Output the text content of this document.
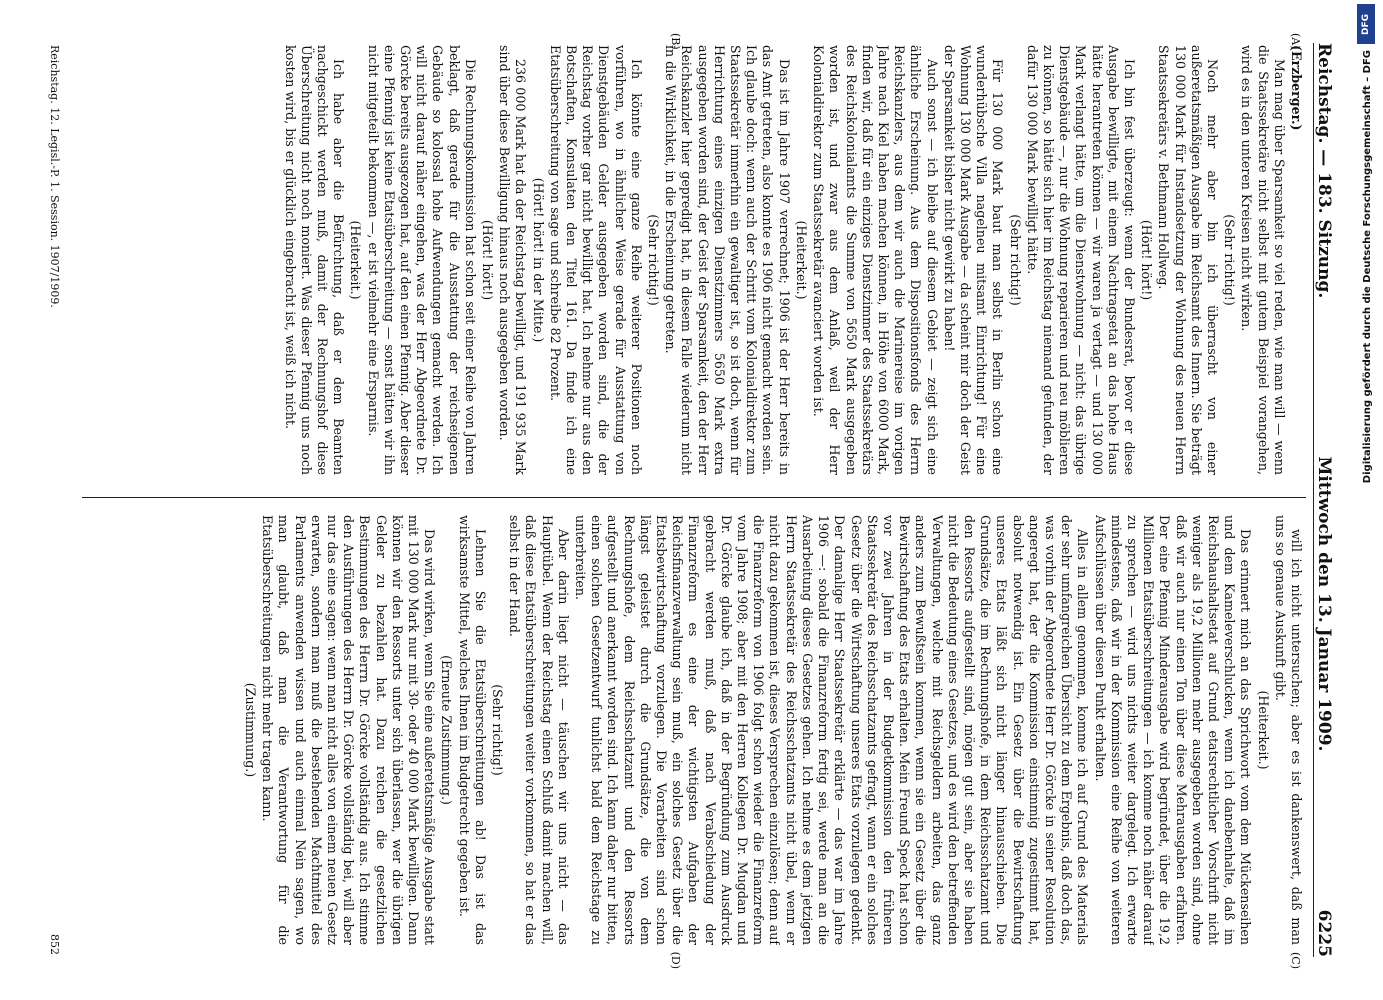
Reichstag. — 183. Sitzung.
Mittwoch den 13. Januar 1909.
6225
(A)
(B)
(C)
(D)

(Erzberger.)

Man mag über Sparsamkeit so viel reden, wie man will — wenn die Staatssekretäre nicht selbst mit gutem Beispiel vorangehen, wird es in den unteren Kreisen nicht wirken.

(Sehr richtig!)

Noch mehr aber bin ich überrascht von einer außeretatsmäßigen Ausgabe im Reichsamt des Innern. Sie beträgt 130 000 Mark für Instandsetzung der Wohnung des neuen Herrn Staatssekretärs v. Bethmann Hollweg.

(Hört! hört!)

Ich bin fest überzeugt: wenn der Bundesrat, bevor er diese Ausgabe bewilligte, mit einem Nachtragsetat an das hohe Haus hätte herantreten können — wir waren ja vertagt — und 130 000 Mark verlangt hätte, um die Dienstwohnung — nicht: das übrige Dienstgebäude —, nur die Wohnung reparieren und neu möblieren zu können, so hätte sich hier im Reichstag niemand gefunden, der dafür 130 000 Mark bewilligt hätte.

(Sehr richtig!)

Für 130 000 Mark baut man selbst in Berlin schon eine wunderhübsche Villa nagelneu mitsamt Einrichtung! Für eine Wohnung 130 000 Mark Ausgabe — da scheint mir doch der Geist der Sparsamkeit bisher nicht gewirkt zu haben!

Auch sonst — ich bleibe auf diesem Gebiet — zeigt sich eine ähnliche Erscheinung. Aus dem Dispositionsfonds des Herrn Reichskanzlers, aus dem wir auch die Marinereise im vorigen Jahre nach Kiel haben machen können, in Höhe von 6000 Mark, finden wir, daß für ein einziges Dienstzimmer des Staatssekretärs des Reichskolonialamts die Summe von 5650 Mark ausgegeben worden ist, und zwar aus dem Anlaß, weil der Herr Kolonialdirektor zum Staatssekretär avanciert worden ist.

(Heiterkeit.)

Das ist im Jahre 1907 verrechnet; 1906 ist der Herr bereits in das Amt getreten, also konnte es 1906 nicht gemacht worden sein. Ich glaube doch: wenn auch der Schritt vom Kolonialdirektor zum Staatssekretär immerhin ein gewaltiger ist, so ist doch, wenn für Herrichtung eines einzigen Dienstzimmers 5650 Mark extra ausgegeben worden sind, der Geist der Sparsamkeit, den der Herr Reichskanzler hier gepredigt hat, in diesem Falle wiederum nicht in die Wirklichkeit, in die Erscheinung getreten.

(Sehr richtig!)

Ich könnte eine ganze Reihe weiterer Positionen noch vorführen, wo in ähnlicher Weise gerade für Ausstattung von Dienstgebäuden Gelder ausgegeben worden sind, die der Reichstag vorher gar nicht bewilligt hat. Ich nehme nur aus den Botschaften, Konsulaten den Titel 161. Da finde ich eine Etatsüberschreitung von sage und schreibe 82 Prozent.

(Hört! hört! in der Mitte.)

236 000 Mark hat da der Reichstag bewilligt, und 191 935 Mark sind über diese Bewilligung hinaus noch ausgegeben worden.

(Hört! hört!)

Die Rechnungskommission hat schon seit einer Reihe von Jahren beklagt, daß gerade für die Ausstattung der reichseigenen Gebäude so kolossal hohe Aufwendungen gemacht werden. Ich will nicht darauf näher eingehen, was der Herr Abgeordnete Dr. Görcke bereits ausgezogen hat, auf den einen Pfennig. Aber dieser eine Pfennig ist keine Etatsüberschreitung — sonst hätten wir ihn nicht mitgeteilt bekommen —, er ist vielmehr eine Ersparnis.

(Heiterkeit.)

Ich habe aber die Befürchtung, daß er dem Beamten nachgeschickt werden muß, damit der Rechnungshof diese Überschreitung nicht noch moniert. Was dieser Pfennig uns noch kosten wird, bis er glücklich eingebracht ist, weiß ich nicht.

will ich nicht untersuchen; aber es ist dankenswert, daß man uns so genaue Auskunft gibt.

(Heiterkeit.)

Das erinnert mich an das Sprichwort vom dem Mückenseihen und dem Kameleverschlucken, wenn ich danebenhalte, daß im Reichshaushaltsetat auf Grund etatsrechtlicher Vorschrift nicht weniger als 19,2 Millionen mehr ausgegeben worden sind, ohne daß wir auch nur einen Ton über diese Mehrausgaben erfahren. Der eine Pfennig Minderausgabe wird begründet, über die 19,2 Millionen Etatsüberschreitungen — ich komme noch näher darauf zu sprechen — wird uns nichts weiter dargelegt. Ich erwarte mindestens, daß wir in der Kommission eine Reihe von weiteren Aufschlüssen über diesen Punkt erhalten.

Alles in allem genommen, komme ich auf Grund des Materials der sehr umfangreichen Übersicht zu dem Ergebnis, daß doch das, was vorhin der Abgeordnete Herr Dr. Görcke in seiner Resolution angeregt hat, der die Kommission einstimmig zugestimmt hat, absolut notwendig ist. Ein Gesetz über die Bewirtschaftung unseres Etats läßt sich nicht länger hinausschieben. Die Grundsätze, die im Rechnungshofe, in dem Reichsschatzamt und den Ressorts aufgestellt sind, mögen gut sein, aber sie haben nicht die Bedeutung eines Gesetzes, und es wird den betreffenden Verwaltungen, welche mit Reichsgeldern arbeiten, das ganz anders zum Bewußtsein kommen, wenn sie ein Gesetz über die Bewirtschaftung des Etats erhalten. Mein Freund Speck hat schon vor zwei Jahren in der Budgetkommission den früheren Staatssekretär des Reichsschatzamts gefragt, wann er ein solches Gesetz über die Wirtschaftung unseres Etats vorzulegen gedenkt. Der damalige Herr Staatssekretär erklärte — das war im Jahre 1906 —: sobald die Finanzreform fertig sei, werde man an die Ausarbeitung dieses Gesetzes gehen. Ich nehme es dem jetzigen Herrn Staatssekretär des Reichsschatzamts nicht übel, wenn er nicht dazu gekommen ist, dieses Versprechen einzulösen; denn auf die Finanzreform von 1906 folgt schon wieder die Finanzreform vom Jahre 1908; aber mit den Herren Kollegen Dr. Mugdan und Dr. Görcke glaube ich, daß in der Begründung zum Ausdruck gebracht werden muß, daß nach Verabschiedung der Finanzreform es eine der wichtigsten Aufgaben der Reichsfinanzverwaltung sein muß, ein solches Gesetz über die Etatsbewirtschaftung vorzulegen. Die Vorarbeiten sind schon längst geleistet durch die Grundsätze, die von dem Rechnungshofe, dem Reichsschatzamt und den Ressorts aufgestellt und anerkannt worden sind. Ich kann daher nur bitten, einen solchen Gesetzentwurf tunlichst bald dem Reichstage zu unterbreiten.

Aber darin liegt nicht — täuschen wir uns nicht — das Hauptübel. Wenn der Reichstag einen Schluß damit machen will, daß diese Etatsüberschreitungen weiter vorkommen, so hat er das selbst in der Hand.

(Sehr richtig!)

Lehnen Sie die Etatsüberschreitungen ab! Das ist das wirksamste Mittel, welches Ihnen im Budgetrecht gegeben ist.

(Erneute Zustimmung.)

Das wird wirken, wenn Sie eine außeretatsmäßige Ausgabe statt mit 130 000 Mark nur mit 30- oder 40 000 Mark bewilligen. Dann können wir den Ressorts unter sich überlassen, wer die übrigen Gelder zu bezahlen hat. Dazu reichen die gesetzlichen Bestimmungen des Herrn Dr. Görcke vollständig aus. Ich stimme den Ausführungen des Herrn Dr. Görcke vollständig bei, will aber nur das eine sagen: wenn man nicht alles von einem neuen Gesetz erwarten, sondern man muß die bestehenden Machtmittel des Parlaments anwenden wissen und auch einmal Nein sagen, wo man glaubt, daß man die Verantwortung für die Etatsüberschreitungen nicht mehr tragen kann.

(Zustimmung.)

Reichstag. 12. Legisl.-P. 1. Session. 1907/1909.
852
DFG
Digitalisierung gefördert durch die Deutsche Forschungsgemeinschaft – DFG
